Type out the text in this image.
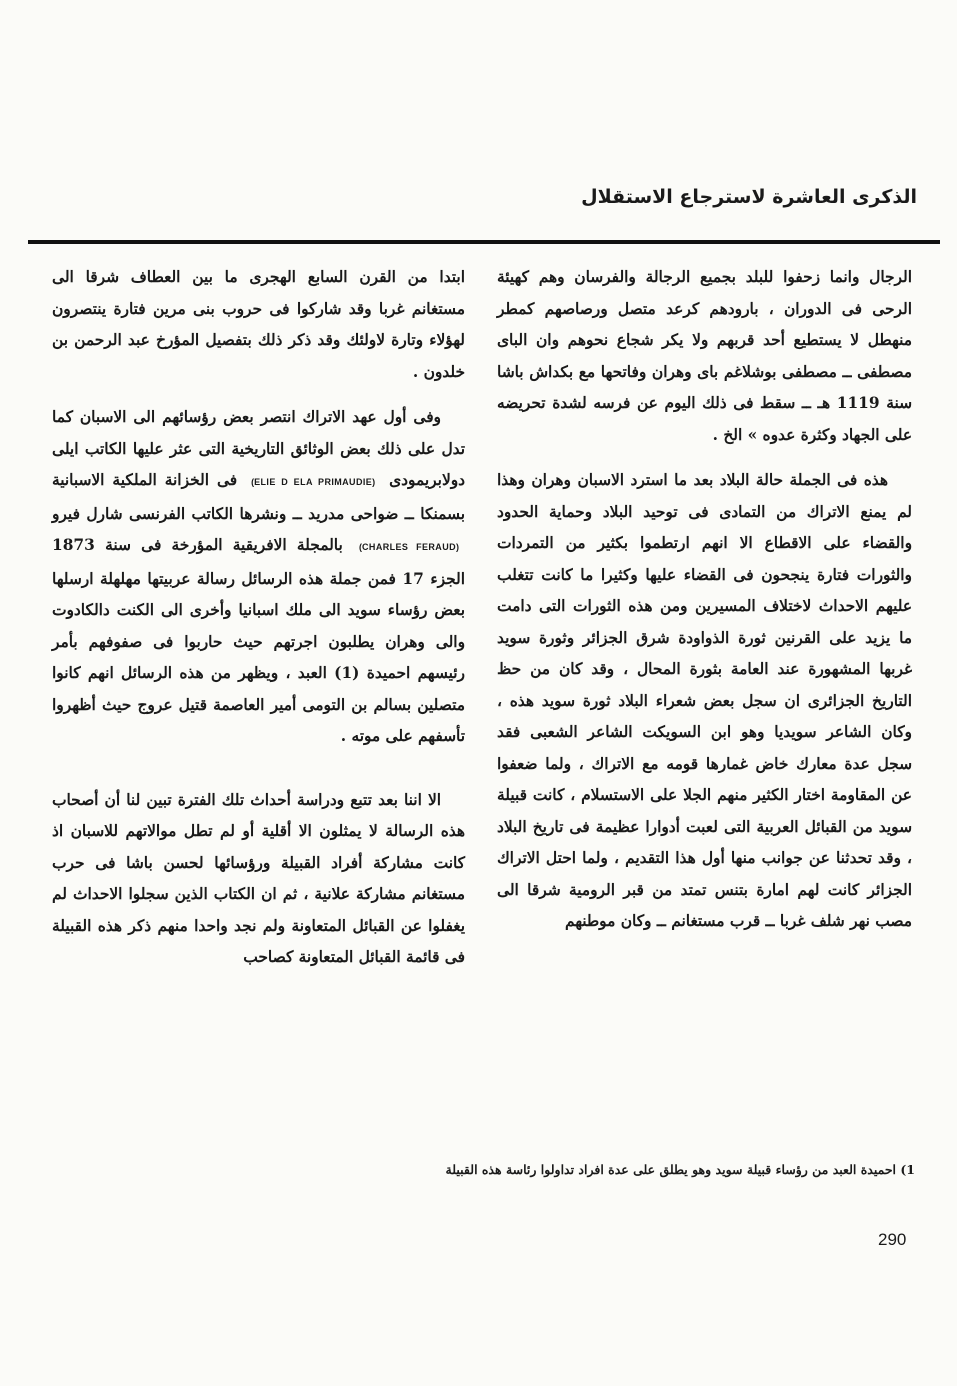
الذكرى العاشرة لاسترجاع الاستقلال

الرجال وانما زحفوا للبلد بجميع الرجالة والفرسان وهم كهيئة الرحى فى الدوران ، بارودهم كرعد متصل ورصاصهم كمطر منهطل لا يستطيع أحد قربهم ولا يكر شجاع نحوهم وان الباى مصطفى ــ مصطفى بوشلاغم باى وهران وفاتحها مع بكداش باشا سنة 1119 هـ ــ سقط فى ذلك اليوم عن فرسه لشدة تحريضه على الجهاد وكثرة عدوه » الخ .

هذه فى الجملة حالة البلاد بعد ما استرد الاسبان وهران وهذا لم يمنع الاتراك من التمادى فى توحيد البلاد وحماية الحدود والقضاء على الاقطاع الا انهم ارتطموا بكثير من التمردات والثورات فتارة ينجحون فى القضاء عليها وكثيرا ما كانت تتغلب عليهم الاحداث لاختلاف المسيرين ومن هذه الثورات التى دامت ما يزيد على القرنين ثورة الذواودة شرق الجزائر وثورة سويد غربها المشهورة عند العامة بثورة المحال ، وقد كان من حظ التاريخ الجزائرى ان سجل بعض شعراء البلاد ثورة سويد هذه ، وكان الشاعر سويديا وهو ابن السويكت الشاعر الشعبى فقد سجل عدة معارك خاض غمارها قومه مع الاتراك ، ولما ضعفوا عن المقاومة اختار الكثير منهم الجلا على الاستسلام ، كانت قبيلة سويد من القبائل العربية التى لعبت أدوارا عظيمة فى تاريخ البلاد ، وقد تحدثنا عن جوانب منها أول هذا التقديم ، ولما احتل الاتراك الجزائر كانت لهم امارة بتنس تمتد من قبر الرومية شرقا الى مصب نهر شلف غربا ــ قرب مستغانم ــ وكان موطنهم

ابتدا من القرن السابع الهجرى ما بين العطاف شرقا الى مستغانم غربا وقد شاركوا فى حروب بنى مرين فتارة ينتصرون لهؤلاء وتارة لاولئك وقد ذكر ذلك بتفصيل المؤرخ عبد الرحمن بن خلدون .

وفى أول عهد الاتراك انتصر بعض رؤسائهم الى الاسبان كما تدل على ذلك بعض الوثائق التاريخية التى عثر عليها الكاتب ايلى دولابريمودى (ELIE D ELA PRIMAUDIE) فى الخزانة الملكية الاسبانية بسمنكا ــ ضواحى مدريد ــ ونشرها الكاتب الفرنسى شارل فيرو (CHARLES FERAUD) بالمجلة الافريقية المؤرخة فى سنة 1873 الجزء 17 فمن جملة هذه الرسائل رسالة عربيتها مهلهلة ارسلها بعض رؤساء سويد الى ملك اسبانيا وأخرى الى الكنت دالكادوت والى وهران يطلبون اجرتهم حيث حاربوا فى صفوفهم بأمر رئيسهم احميدة (1) العبد ، ويظهر من هذه الرسائل انهم كانوا متصلين بسالم بن التومى أمير العاصمة قتيل عروج حيث أظهروا تأسفهم على موته .

الا اننا بعد تتبع ودراسة أحداث تلك الفترة تبين لنا أن أصحاب هذه الرسالة لا يمثلون الا أقلية أو لم تطل موالاتهم للاسبان اذ كانت مشاركة أفراد القبيلة ورؤسائها لحسن باشا فى حرب مستغانم مشاركة علانية ، ثم ان الكتاب الذين سجلوا الاحداث لم يغفلوا عن القبائل المتعاونة ولم نجد واحدا منهم ذكر هذه القبيلة فى قائمة القبائل المتعاونة كصاحب

1) احميدة العبد من رؤساء قبيلة سويد وهو يطلق على عدة افراد تداولوا رئاسة هذه القبيلة
290
